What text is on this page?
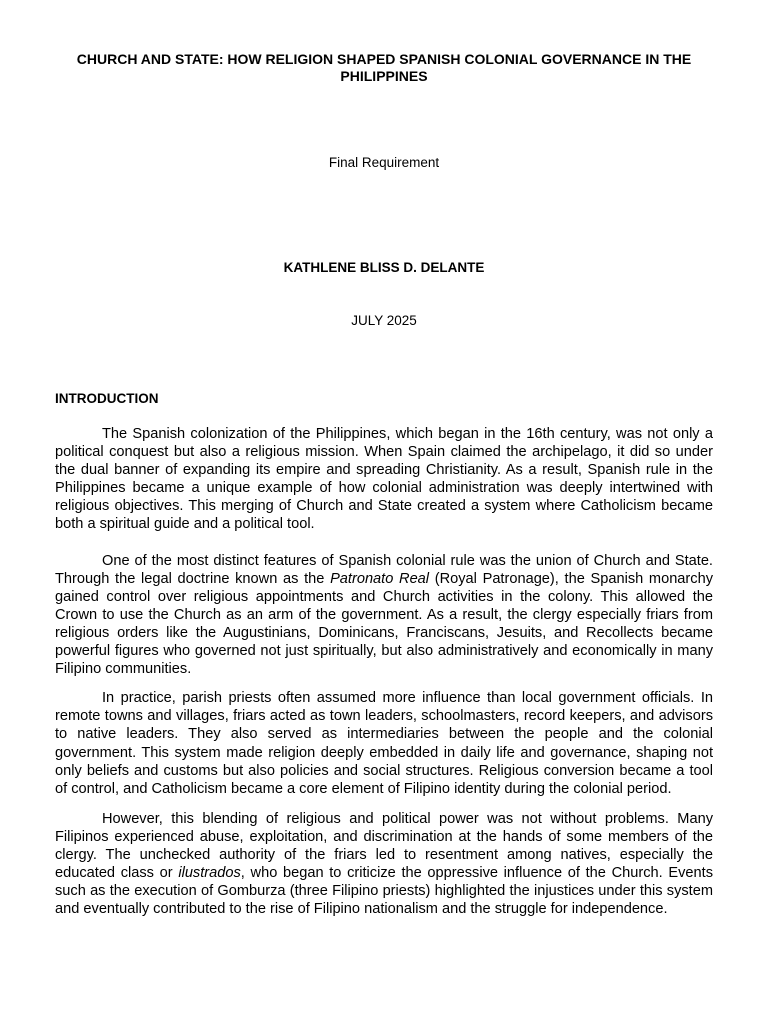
CHURCH AND STATE: HOW RELIGION SHAPED SPANISH COLONIAL GOVERNANCE IN THE PHILIPPINES
Final Requirement
KATHLENE BLISS D. DELANTE
JULY 2025
INTRODUCTION

The Spanish colonization of the Philippines, which began in the 16th century, was not only a political conquest but also a religious mission. When Spain claimed the archipelago, it did so under the dual banner of expanding its empire and spreading Christianity. As a result, Spanish rule in the Philippines became a unique example of how colonial administration was deeply intertwined with religious objectives. This merging of Church and State created a system where Catholicism became both a spiritual guide and a political tool.

One of the most distinct features of Spanish colonial rule was the union of Church and State. Through the legal doctrine known as the Patronato Real (Royal Patronage), the Spanish monarchy gained control over religious appointments and Church activities in the colony. This allowed the Crown to use the Church as an arm of the government. As a result, the clergy especially friars from religious orders like the Augustinians, Dominicans, Franciscans, Jesuits, and Recollects became powerful figures who governed not just spiritually, but also administratively and economically in many Filipino communities.

In practice, parish priests often assumed more influence than local government officials. In remote towns and villages, friars acted as town leaders, schoolmasters, record keepers, and advisors to native leaders. They also served as intermediaries between the people and the colonial government. This system made religion deeply embedded in daily life and governance, shaping not only beliefs and customs but also policies and social structures. Religious conversion became a tool of control, and Catholicism became a core element of Filipino identity during the colonial period.

However, this blending of religious and political power was not without problems. Many Filipinos experienced abuse, exploitation, and discrimination at the hands of some members of the clergy. The unchecked authority of the friars led to resentment among natives, especially the educated class or ilustrados, who began to criticize the oppressive influence of the Church. Events such as the execution of Gomburza (three Filipino priests) highlighted the injustices under this system and eventually contributed to the rise of Filipino nationalism and the struggle for independence.
